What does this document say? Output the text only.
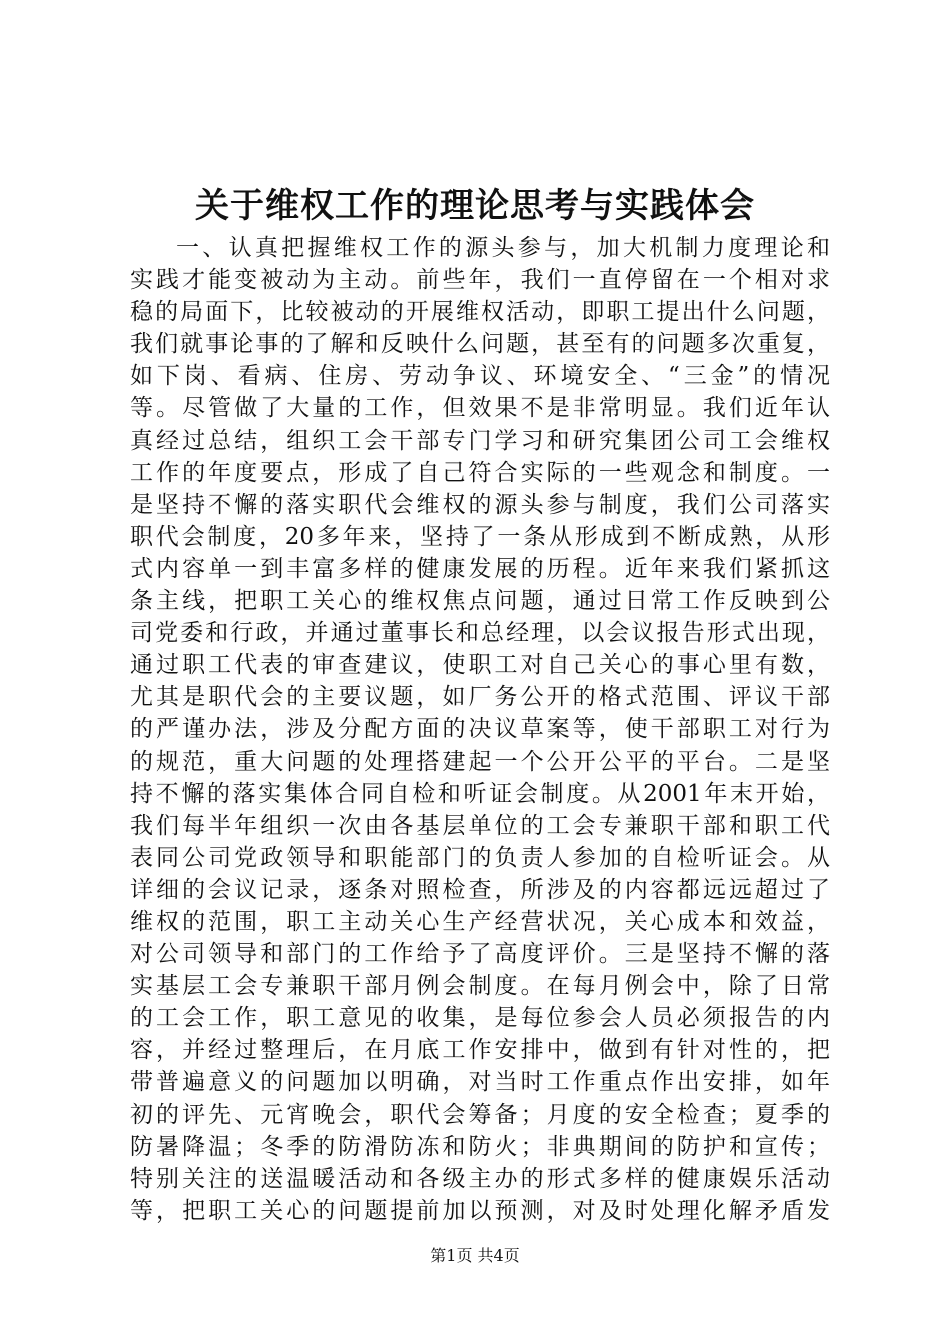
关于维权工作的理论思考与实践体会
一、认真把握维权工作的源头参与，加大机制力度理论和
实践才能变被动为主动。前些年，我们一直停留在一个相对求
稳的局面下，比较被动的开展维权活动，即职工提出什么问题，
我们就事论事的了解和反映什么问题，甚至有的问题多次重复，
如下岗、看病、住房、劳动争议、环境安全、“三金”的情况
等。尽管做了大量的工作，但效果不是非常明显。我们近年认
真经过总结，组织工会干部专门学习和研究集团公司工会维权
工作的年度要点，形成了自己符合实际的一些观念和制度。一
是坚持不懈的落实职代会维权的源头参与制度，我们公司落实
职代会制度，20多年来，坚持了一条从形成到不断成熟，从形
式内容单一到丰富多样的健康发展的历程。近年来我们紧抓这
条主线，把职工关心的维权焦点问题，通过日常工作反映到公
司党委和行政，并通过董事长和总经理，以会议报告形式出现，
通过职工代表的审查建议，使职工对自己关心的事心里有数，
尤其是职代会的主要议题，如厂务公开的格式范围、评议干部
的严谨办法，涉及分配方面的决议草案等，使干部职工对行为
的规范，重大问题的处理搭建起一个公开公平的平台。二是坚
持不懈的落实集体合同自检和听证会制度。从2001年末开始，
我们每半年组织一次由各基层单位的工会专兼职干部和职工代
表同公司党政领导和职能部门的负责人参加的自检听证会。从
详细的会议记录，逐条对照检查，所涉及的内容都远远超过了
维权的范围，职工主动关心生产经营状况，关心成本和效益，
对公司领导和部门的工作给予了高度评价。三是坚持不懈的落
实基层工会专兼职干部月例会制度。在每月例会中，除了日常
的工会工作，职工意见的收集，是每位参会人员必须报告的内
容，并经过整理后，在月底工作安排中，做到有针对性的，把
带普遍意义的问题加以明确，对当时工作重点作出安排，如年
初的评先、元宵晚会，职代会筹备；月度的安全检查；夏季的
防暑降温；冬季的防滑防冻和防火；非典期间的防护和宣传；
特别关注的送温暖活动和各级主办的形式多样的健康娱乐活动
等，把职工关心的问题提前加以预测，对及时处理化解矛盾发
第1页 共4页
